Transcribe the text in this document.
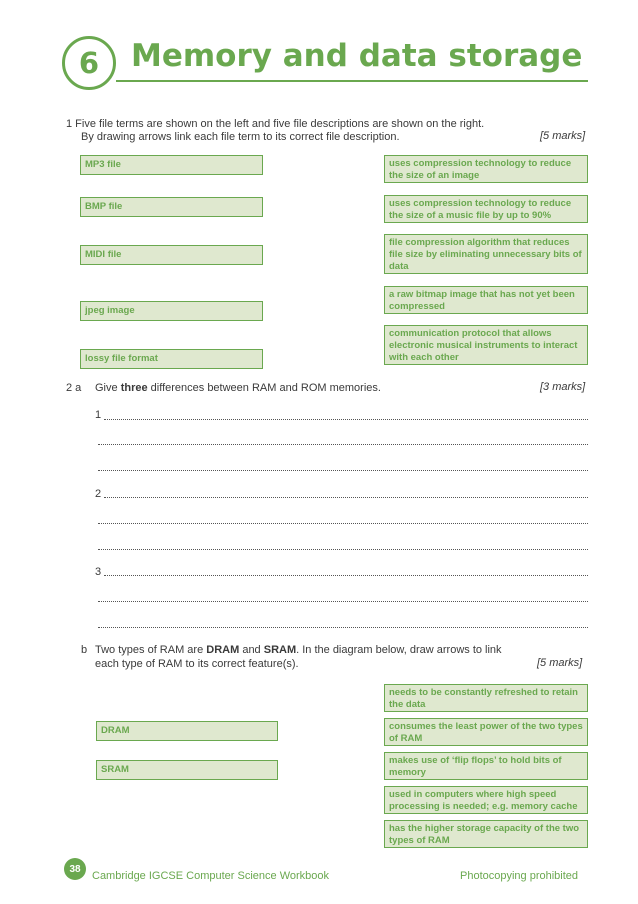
6 Memory and data storage
1 Five file terms are shown on the left and five file descriptions are shown on the right.
By drawing arrows link each file term to its correct file description.	[5 marks]
MP3 file
BMP file
MIDI file
jpeg image
lossy file format
uses compression technology to reduce the size of an image
uses compression technology to reduce the size of a music file by up to 90%
file compression algorithm that reduces file size by eliminating unnecessary bits of data
a raw bitmap image that has not yet been compressed
communication protocol that allows electronic musical instruments to interact with each other
2 a Give three differences between RAM and ROM memories.	[3 marks]
1
2
3
b Two types of RAM are DRAM and SRAM. In the diagram below, draw arrows to link
each type of RAM to its correct feature(s).	[5 marks]
DRAM
SRAM
needs to be constantly refreshed to retain the data
consumes the least power of the two types of RAM
makes use of ‘flip flops’ to hold bits of memory
used in computers where high speed processing is needed; e.g. memory cache
has the higher storage capacity of the two types of RAM
38
Cambridge IGCSE Computer Science Workbook	Photocopying prohibited
